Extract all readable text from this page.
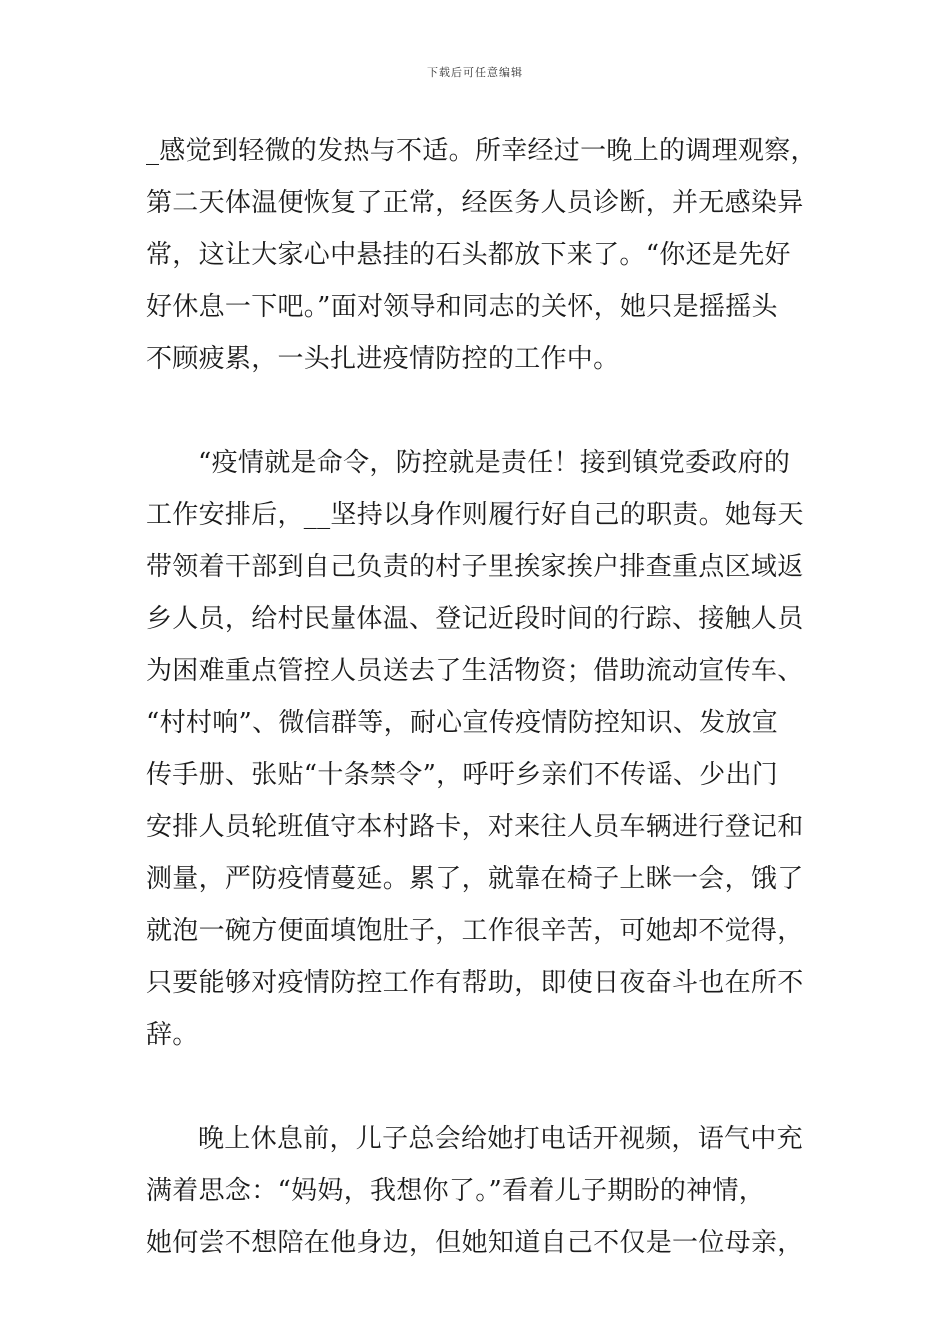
下载后可任意编辑
_感觉到轻微的发热与不适。所幸经过一晚上的调理观察，
第二天体温便恢复了正常，经医务人员诊断，并无感染异
常，这让大家心中悬挂的石头都放下来了。“你还是先好
好休息一下吧。”面对领导和同志的关怀，她只是摇摇头
不顾疲累，一头扎进疫情防控的工作中。
“疫情就是命令，防控就是责任！接到镇党委政府的
工作安排后，__坚持以身作则履行好自己的职责。她每天
带领着干部到自己负责的村子里挨家挨户排查重点区域返
乡人员，给村民量体温、登记近段时间的行踪、接触人员
为困难重点管控人员送去了生活物资；借助流动宣传车、
“村村响”、微信群等，耐心宣传疫情防控知识、发放宣
传手册、张贴“十条禁令”，呼吁乡亲们不传谣、少出门
安排人员轮班值守本村路卡，对来往人员车辆进行登记和
测量，严防疫情蔓延。累了，就靠在椅子上眯一会，饿了
就泡一碗方便面填饱肚子，工作很辛苦，可她却不觉得，
只要能够对疫情防控工作有帮助，即使日夜奋斗也在所不
辞。
晚上休息前，儿子总会给她打电话开视频，语气中充
满着思念：“妈妈，我想你了。”看着儿子期盼的神情，
她何尝不想陪在他身边，但她知道自己不仅是一位母亲，
